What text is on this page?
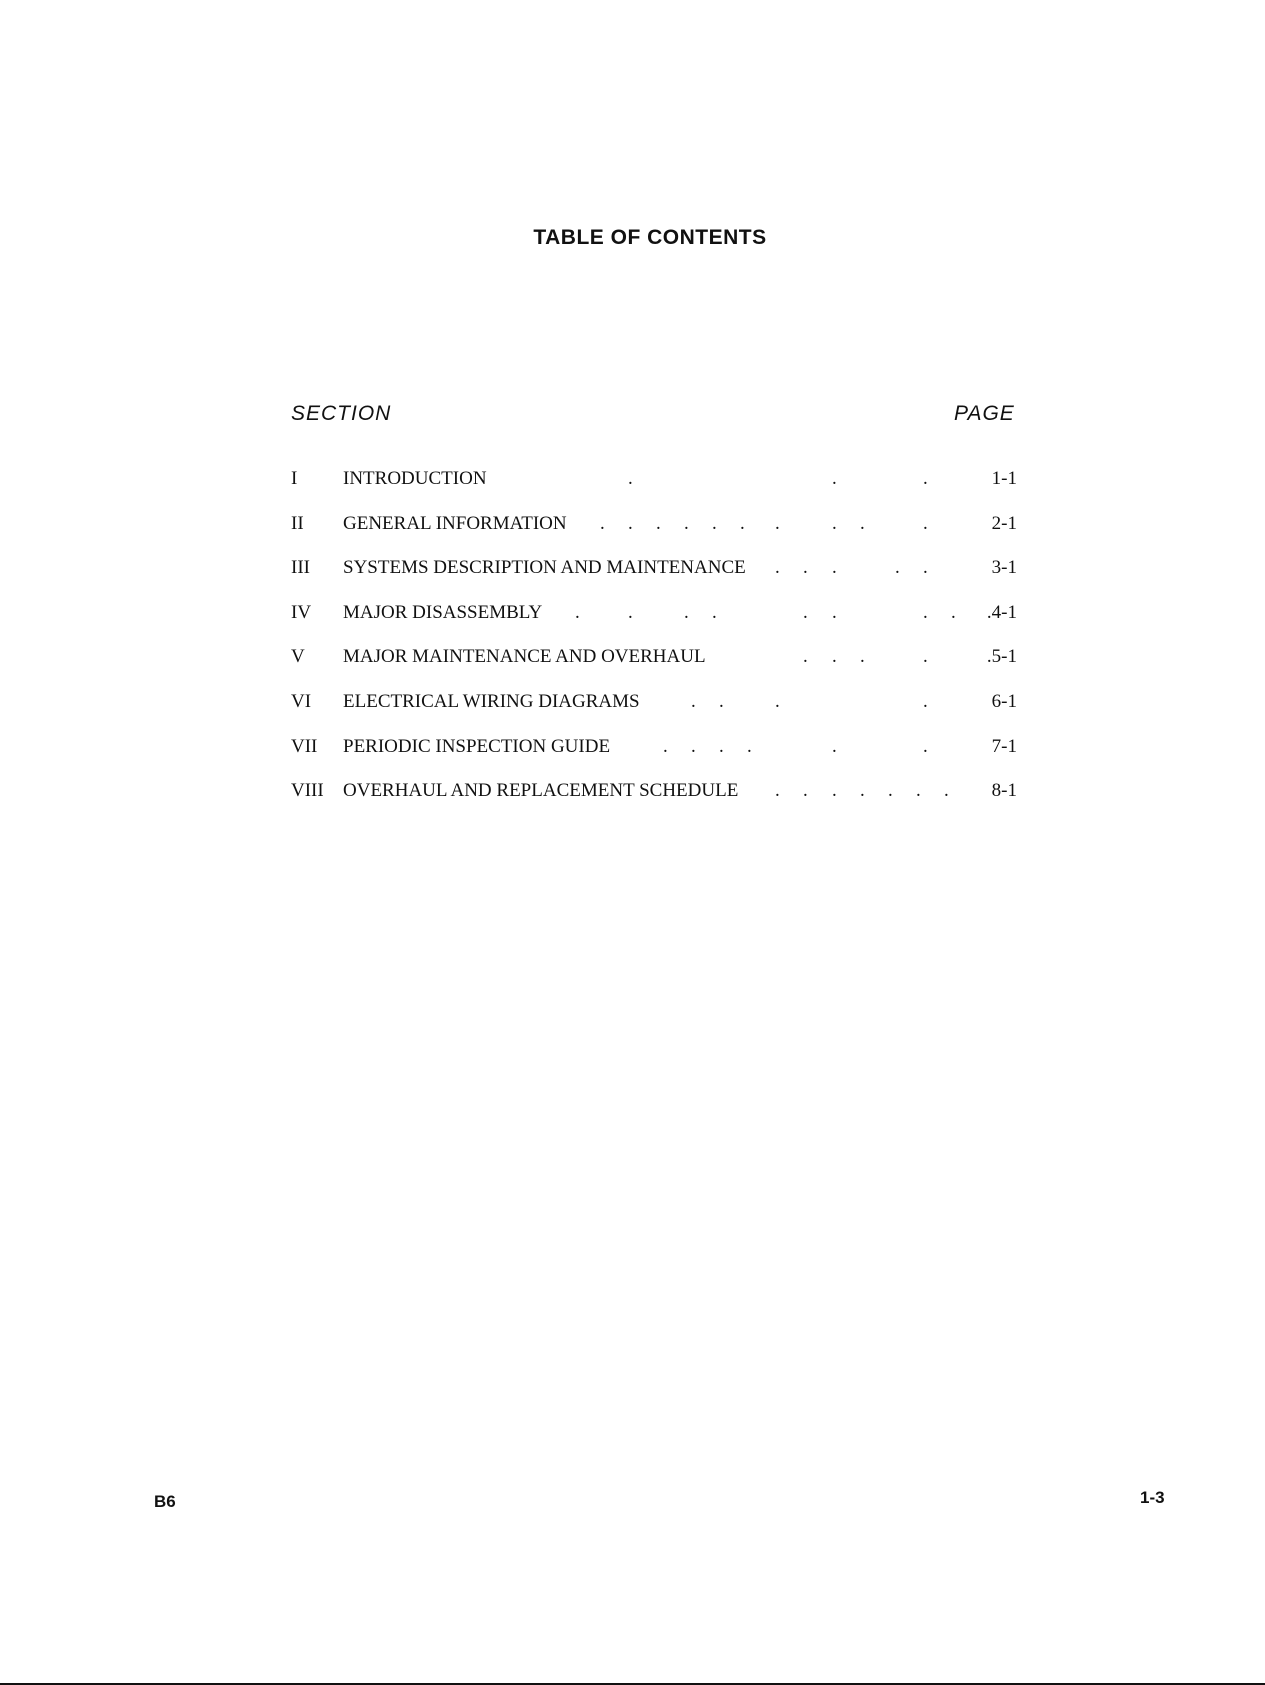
TABLE OF CONTENTS
SECTION	PAGE
I INTRODUCTION	.	.	.	1-1
II GENERAL INFORMATION . . . . . . .	. .	.	2-1
III SYSTEMS DESCRIPTION AND MAINTENANCE . . .	. .	3-1
IV MAJOR DISASSEMBLY .	.	. .	. .	. . .4-1
V MAJOR MAINTENANCE AND OVERHAUL	. . .	.	.5-1
VI ELECTRICAL WIRING DIAGRAMS	. .	.	.	6-1
VII PERIODIC INSPECTION GUIDE	. . . .	.	.	7-1
VIII OVERHAUL AND REPLACEMENT SCHEDULE . . . . . . . 8-1
B6	1-3
